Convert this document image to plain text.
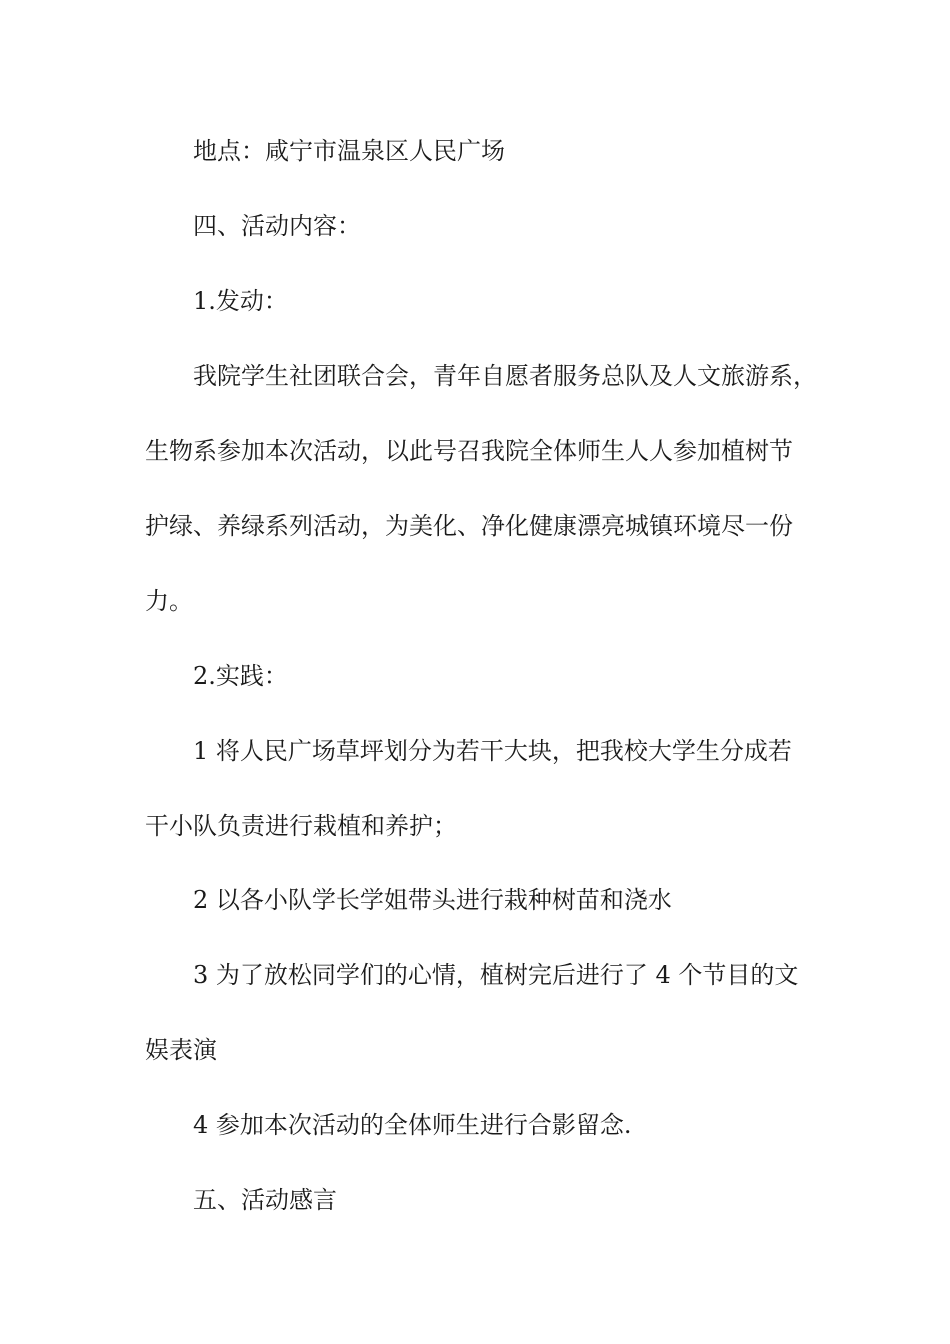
地点：咸宁市温泉区人民广场
四、活动内容：
1.发动：
我院学生社团联合会，青年自愿者服务总队及人文旅游系，
生物系参加本次活动，以此号召我院全体师生人人参加植树节
护绿、养绿系列活动，为美化、净化健康漂亮城镇环境尽一份
力。
2.实践：
1 将人民广场草坪划分为若干大块，把我校大学生分成若
干小队负责进行栽植和养护；
2 以各小队学长学姐带头进行栽种树苗和浇水
3 为了放松同学们的心情，植树完后进行了 4 个节目的文
娱表演
4 参加本次活动的全体师生进行合影留念.
五、活动感言
